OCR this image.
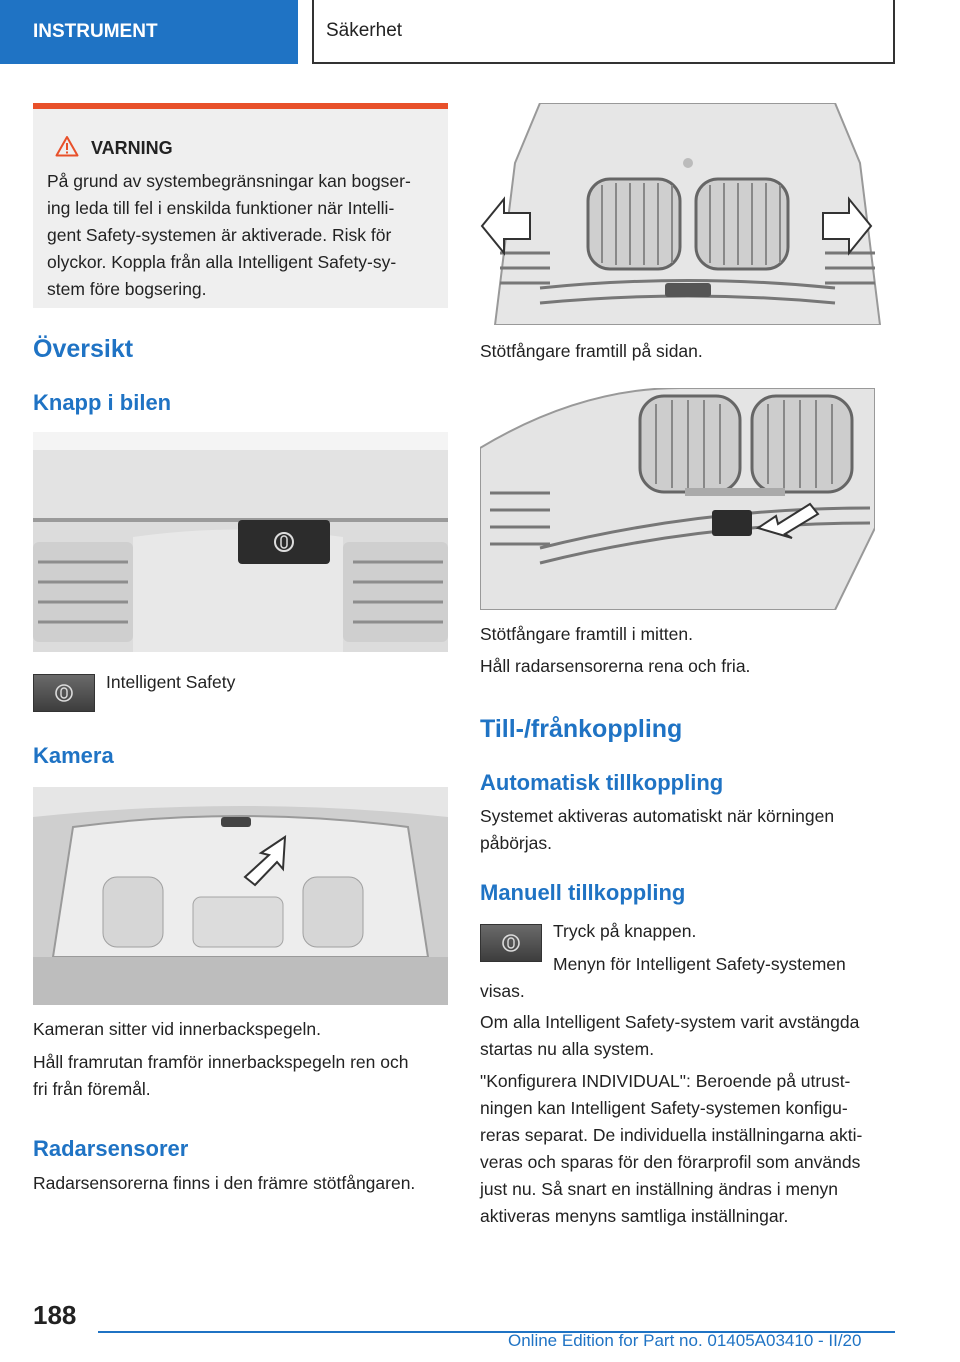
INSTRUMENT	Säkerhet
VARNING
På grund av systembegränsningar kan bogser-
ing leda till fel i enskilda funktioner när Intelli-
gent Safety-systemen är aktiverade. Risk för
olyckor. Koppla från alla Intelligent Safety-sy-
stem före bogsering.
Översikt
Knapp i bilen
Intelligent Safety
Kamera
Kameran sitter vid innerbackspegeln.
Håll framrutan framför innerbackspegeln ren och
fri från föremål.
Radarsensorer
Radarsensorerna finns i den främre stötfångaren.
Stötfångare framtill på sidan.
Stötfångare framtill i mitten.
Håll radarsensorerna rena och fria.
Till-/frånkoppling
Automatisk tillkoppling
Systemet aktiveras automatiskt när körningen
påbörjas.
Manuell tillkoppling
Tryck på knappen.
Menyn för Intelligent Safety-systemen
visas.
Om alla Intelligent Safety-system varit avstängda
startas nu alla system.
"Konfigurera INDIVIDUAL": Beroende på utrust-
ningen kan Intelligent Safety-systemen konfigu-
reras separat. De individuella inställningarna akti-
veras och sparas för den förarprofil som används
just nu. Så snart en inställning ändras i menyn
aktiveras menyns samtliga inställningar.
188
Online Edition for Part no. 01405A03410 - II/20
